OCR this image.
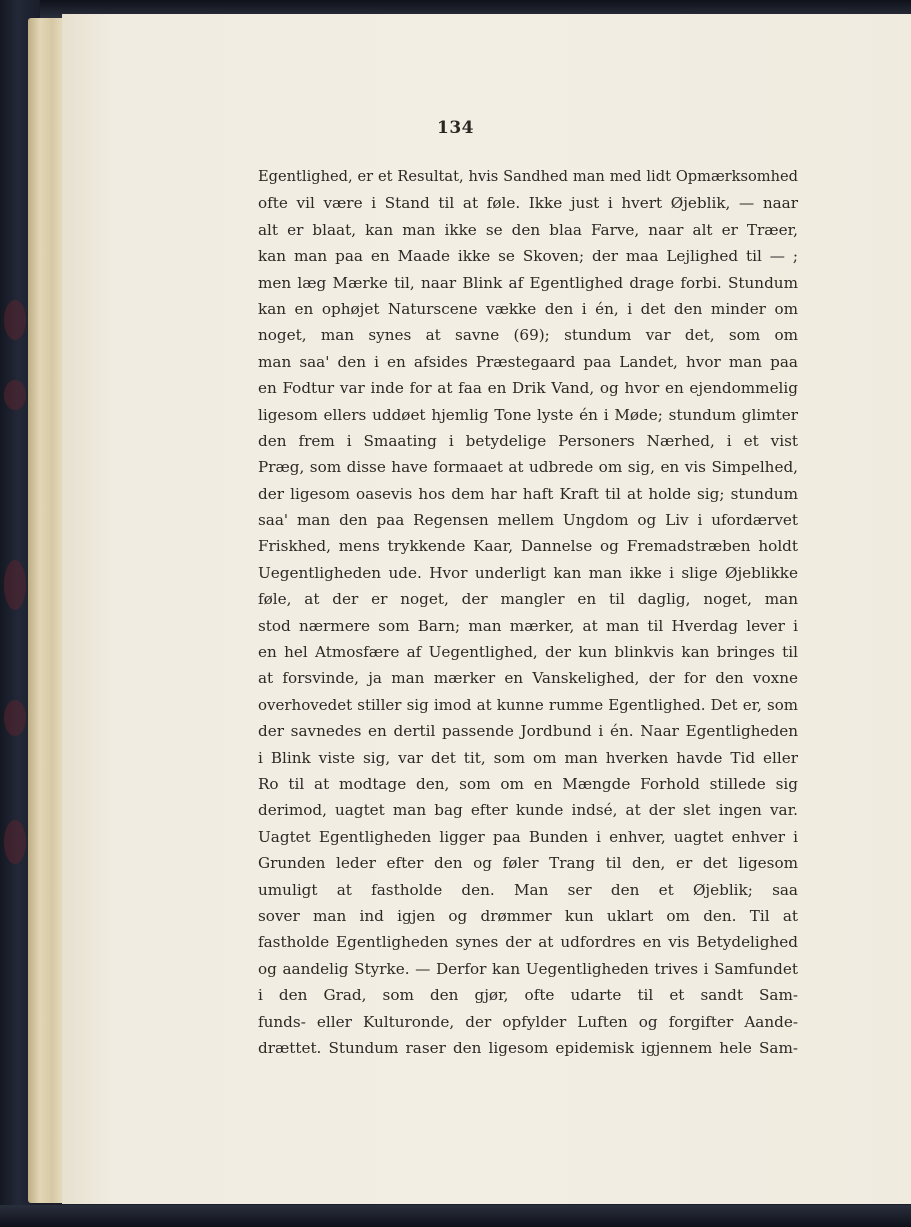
134
Egentlighed, er et Resultat, hvis Sandhed man med lidt Opmærksomhed
ofte vil være i Stand til at føle. Ikke just i hvert Øjeblik, — naar
alt er blaat, kan man ikke se den blaa Farve, naar alt er Træer,
kan man paa en Maade ikke se Skoven; der maa Lejlighed til — ;
men læg Mærke til, naar Blink af Egentlighed drage forbi. Stundum
kan en ophøjet Naturscene vække den i én, i det den minder om
noget, man synes at savne (69); stundum var det, som om
man saa' den i en afsides Præstegaard paa Landet, hvor man paa
en Fodtur var inde for at faa en Drik Vand, og hvor en ejendommelig
ligesom ellers uddøet hjemlig Tone lyste én i Møde; stundum glimter
den frem i Smaating i betydelige Personers Nærhed, i et vist
Præg, som disse have formaaet at udbrede om sig, en vis Simpelhed,
der ligesom oasevis hos dem har haft Kraft til at holde sig; stundum
saa' man den paa Regensen mellem Ungdom og Liv i ufordærvet
Friskhed, mens trykkende Kaar, Dannelse og Fremadstræben holdt
Uegentligheden ude. Hvor underligt kan man ikke i slige Øjeblikke
føle, at der er noget, der mangler en til daglig, noget, man
stod nærmere som Barn; man mærker, at man til Hverdag lever i
en hel Atmosfære af Uegentlighed, der kun blinkvis kan bringes til
at forsvinde, ja man mærker en Vanskelighed, der for den voxne
overhovedet stiller sig imod at kunne rumme Egentlighed. Det er, som
der savnedes en dertil passende Jordbund i én. Naar Egentligheden
i Blink viste sig, var det tit, som om man hverken havde Tid eller
Ro til at modtage den, som om en Mængde Forhold stillede sig
derimod, uagtet man bag efter kunde indsé, at der slet ingen var.
Uagtet Egentligheden ligger paa Bunden i enhver, uagtet enhver i
Grunden leder efter den og føler Trang til den, er det ligesom
umuligt at fastholde den. Man ser den et Øjeblik; saa
sover man ind igjen og drømmer kun uklart om den. Til at
fastholde Egentligheden synes der at udfordres en vis Betydelighed
og aandelig Styrke. — Derfor kan Uegentligheden trives i Samfundet
i den Grad, som den gjør, ofte udarte til et sandt Sam-
funds- eller Kulturonde, der opfylder Luften og forgifter Aande-
drættet. Stundum raser den ligesom epidemisk igjennem hele Sam-
